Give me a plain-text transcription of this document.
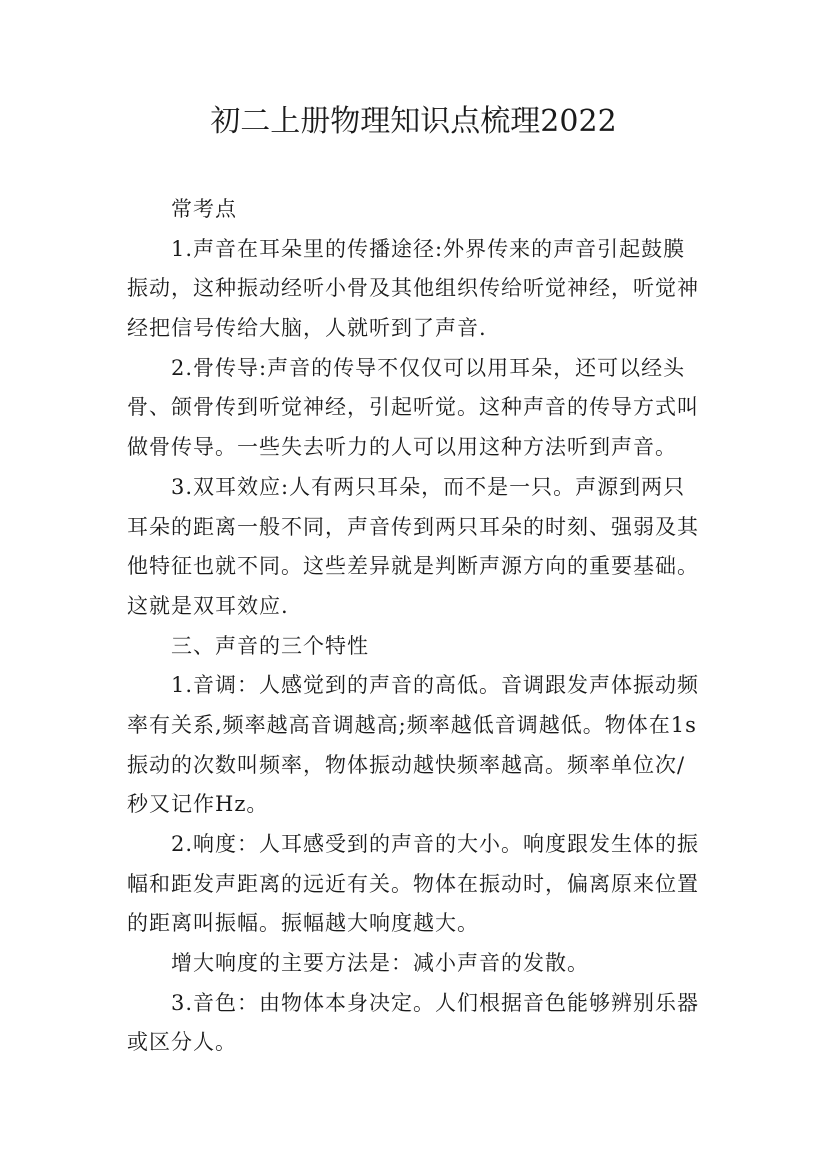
初二上册物理知识点梳理2022
常考点
1.声音在耳朵里的传播途径:外界传来的声音引起鼓膜
振动，这种振动经听小骨及其他组织传给听觉神经，听觉神
经把信号传给大脑，人就听到了声音.
2.骨传导:声音的传导不仅仅可以用耳朵，还可以经头
骨、颌骨传到听觉神经，引起听觉。这种声音的传导方式叫
做骨传导。一些失去听力的人可以用这种方法听到声音。
3.双耳效应:人有两只耳朵，而不是一只。声源到两只
耳朵的距离一般不同，声音传到两只耳朵的时刻、强弱及其
他特征也就不同。这些差异就是判断声源方向的重要基础。
这就是双耳效应.
三、声音的三个特性
1.音调：人感觉到的声音的高低。音调跟发声体振动频
率有关系,频率越高音调越高;频率越低音调越低。物体在1s
振动的次数叫频率，物体振动越快频率越高。频率单位次/
秒又记作Hz。
2.响度：人耳感受到的声音的大小。响度跟发生体的振
幅和距发声距离的远近有关。物体在振动时，偏离原来位置
的距离叫振幅。振幅越大响度越大。
增大响度的主要方法是：减小声音的发散。
3.音色：由物体本身决定。人们根据音色能够辨别乐器
或区分人。
